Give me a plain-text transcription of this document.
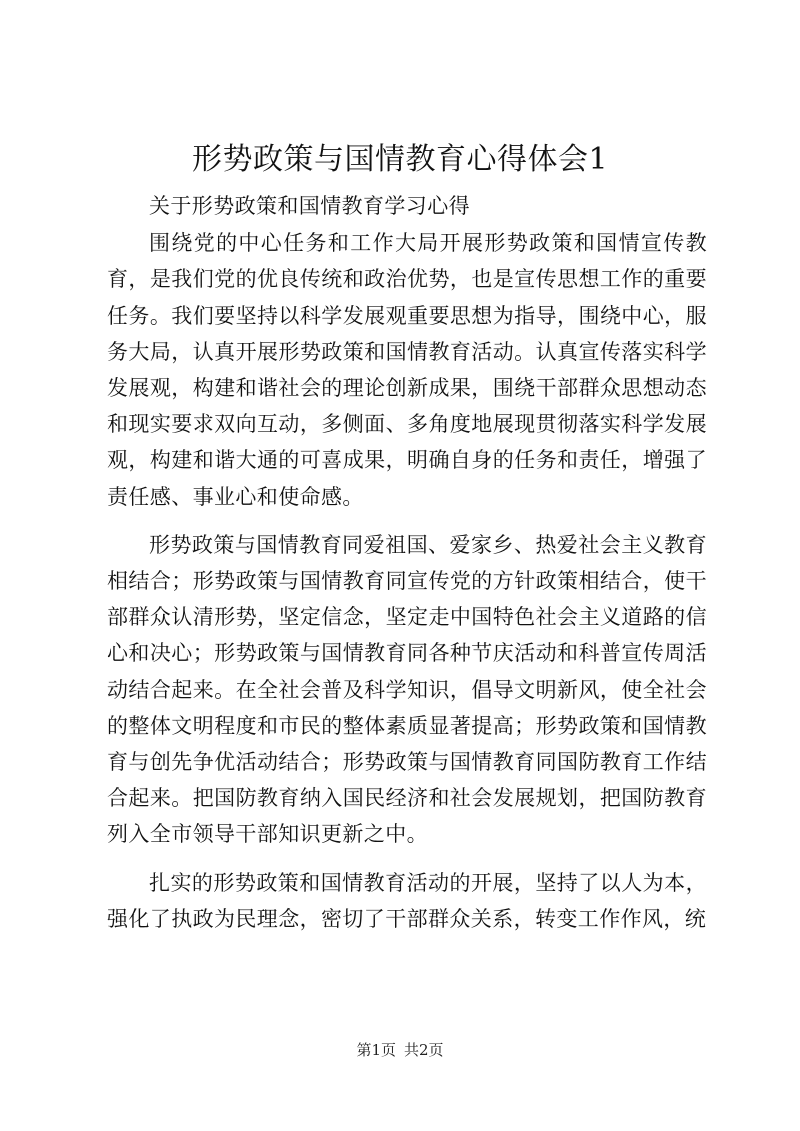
形势政策与国情教育心得体会1

关于形势政策和国情教育学习心得

围绕党的中心任务和工作大局开展形势政策和国情宣传教育，是我们党的优良传统和政治优势，也是宣传思想工作的重要任务。我们要坚持以科学发展观重要思想为指导，围绕中心，服务大局，认真开展形势政策和国情教育活动。认真宣传落实科学发展观，构建和谐社会的理论创新成果，围绕干部群众思想动态和现实要求双向互动，多侧面、多角度地展现贯彻落实科学发展观，构建和谐大通的可喜成果，明确自身的任务和责任，增强了责任感、事业心和使命感。

形势政策与国情教育同爱祖国、爱家乡、热爱社会主义教育相结合；形势政策与国情教育同宣传党的方针政策相结合，使干部群众认清形势，坚定信念，坚定走中国特色社会主义道路的信心和决心；形势政策与国情教育同各种节庆活动和科普宣传周活动结合起来。在全社会普及科学知识，倡导文明新风，使全社会的整体文明程度和市民的整体素质显著提高；形势政策和国情教育与创先争优活动结合；形势政策与国情教育同国防教育工作结合起来。把国防教育纳入国民经济和社会发展规划，把国防教育列入全市领导干部知识更新之中。

扎实的形势政策和国情教育活动的开展，坚持了以人为本，强化了执政为民理念，密切了干部群众关系，转变工作作风，统

第1页 共2页
